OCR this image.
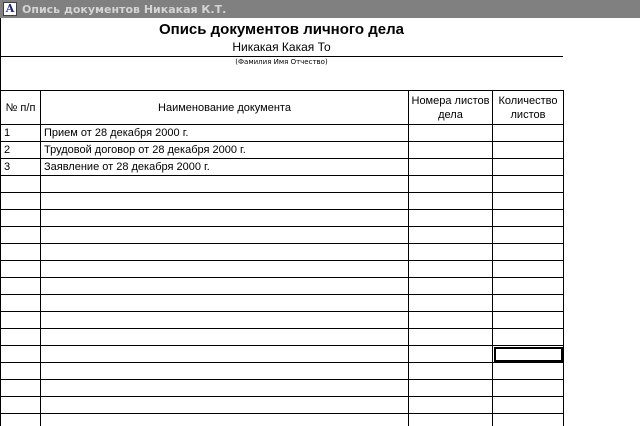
A Опись документов Никакая К.Т.
Опись документов личного дела
Никакая Какая То
(Фамилия Имя Отчество)
№ п/п	Наименование документа	Номера листов дела	Количество листов
1	Прием от 28 декабря 2000 г.		
2	Трудовой договор от 28 декабря 2000 г.		
3	Заявление от 28 декабря 2000 г.		
